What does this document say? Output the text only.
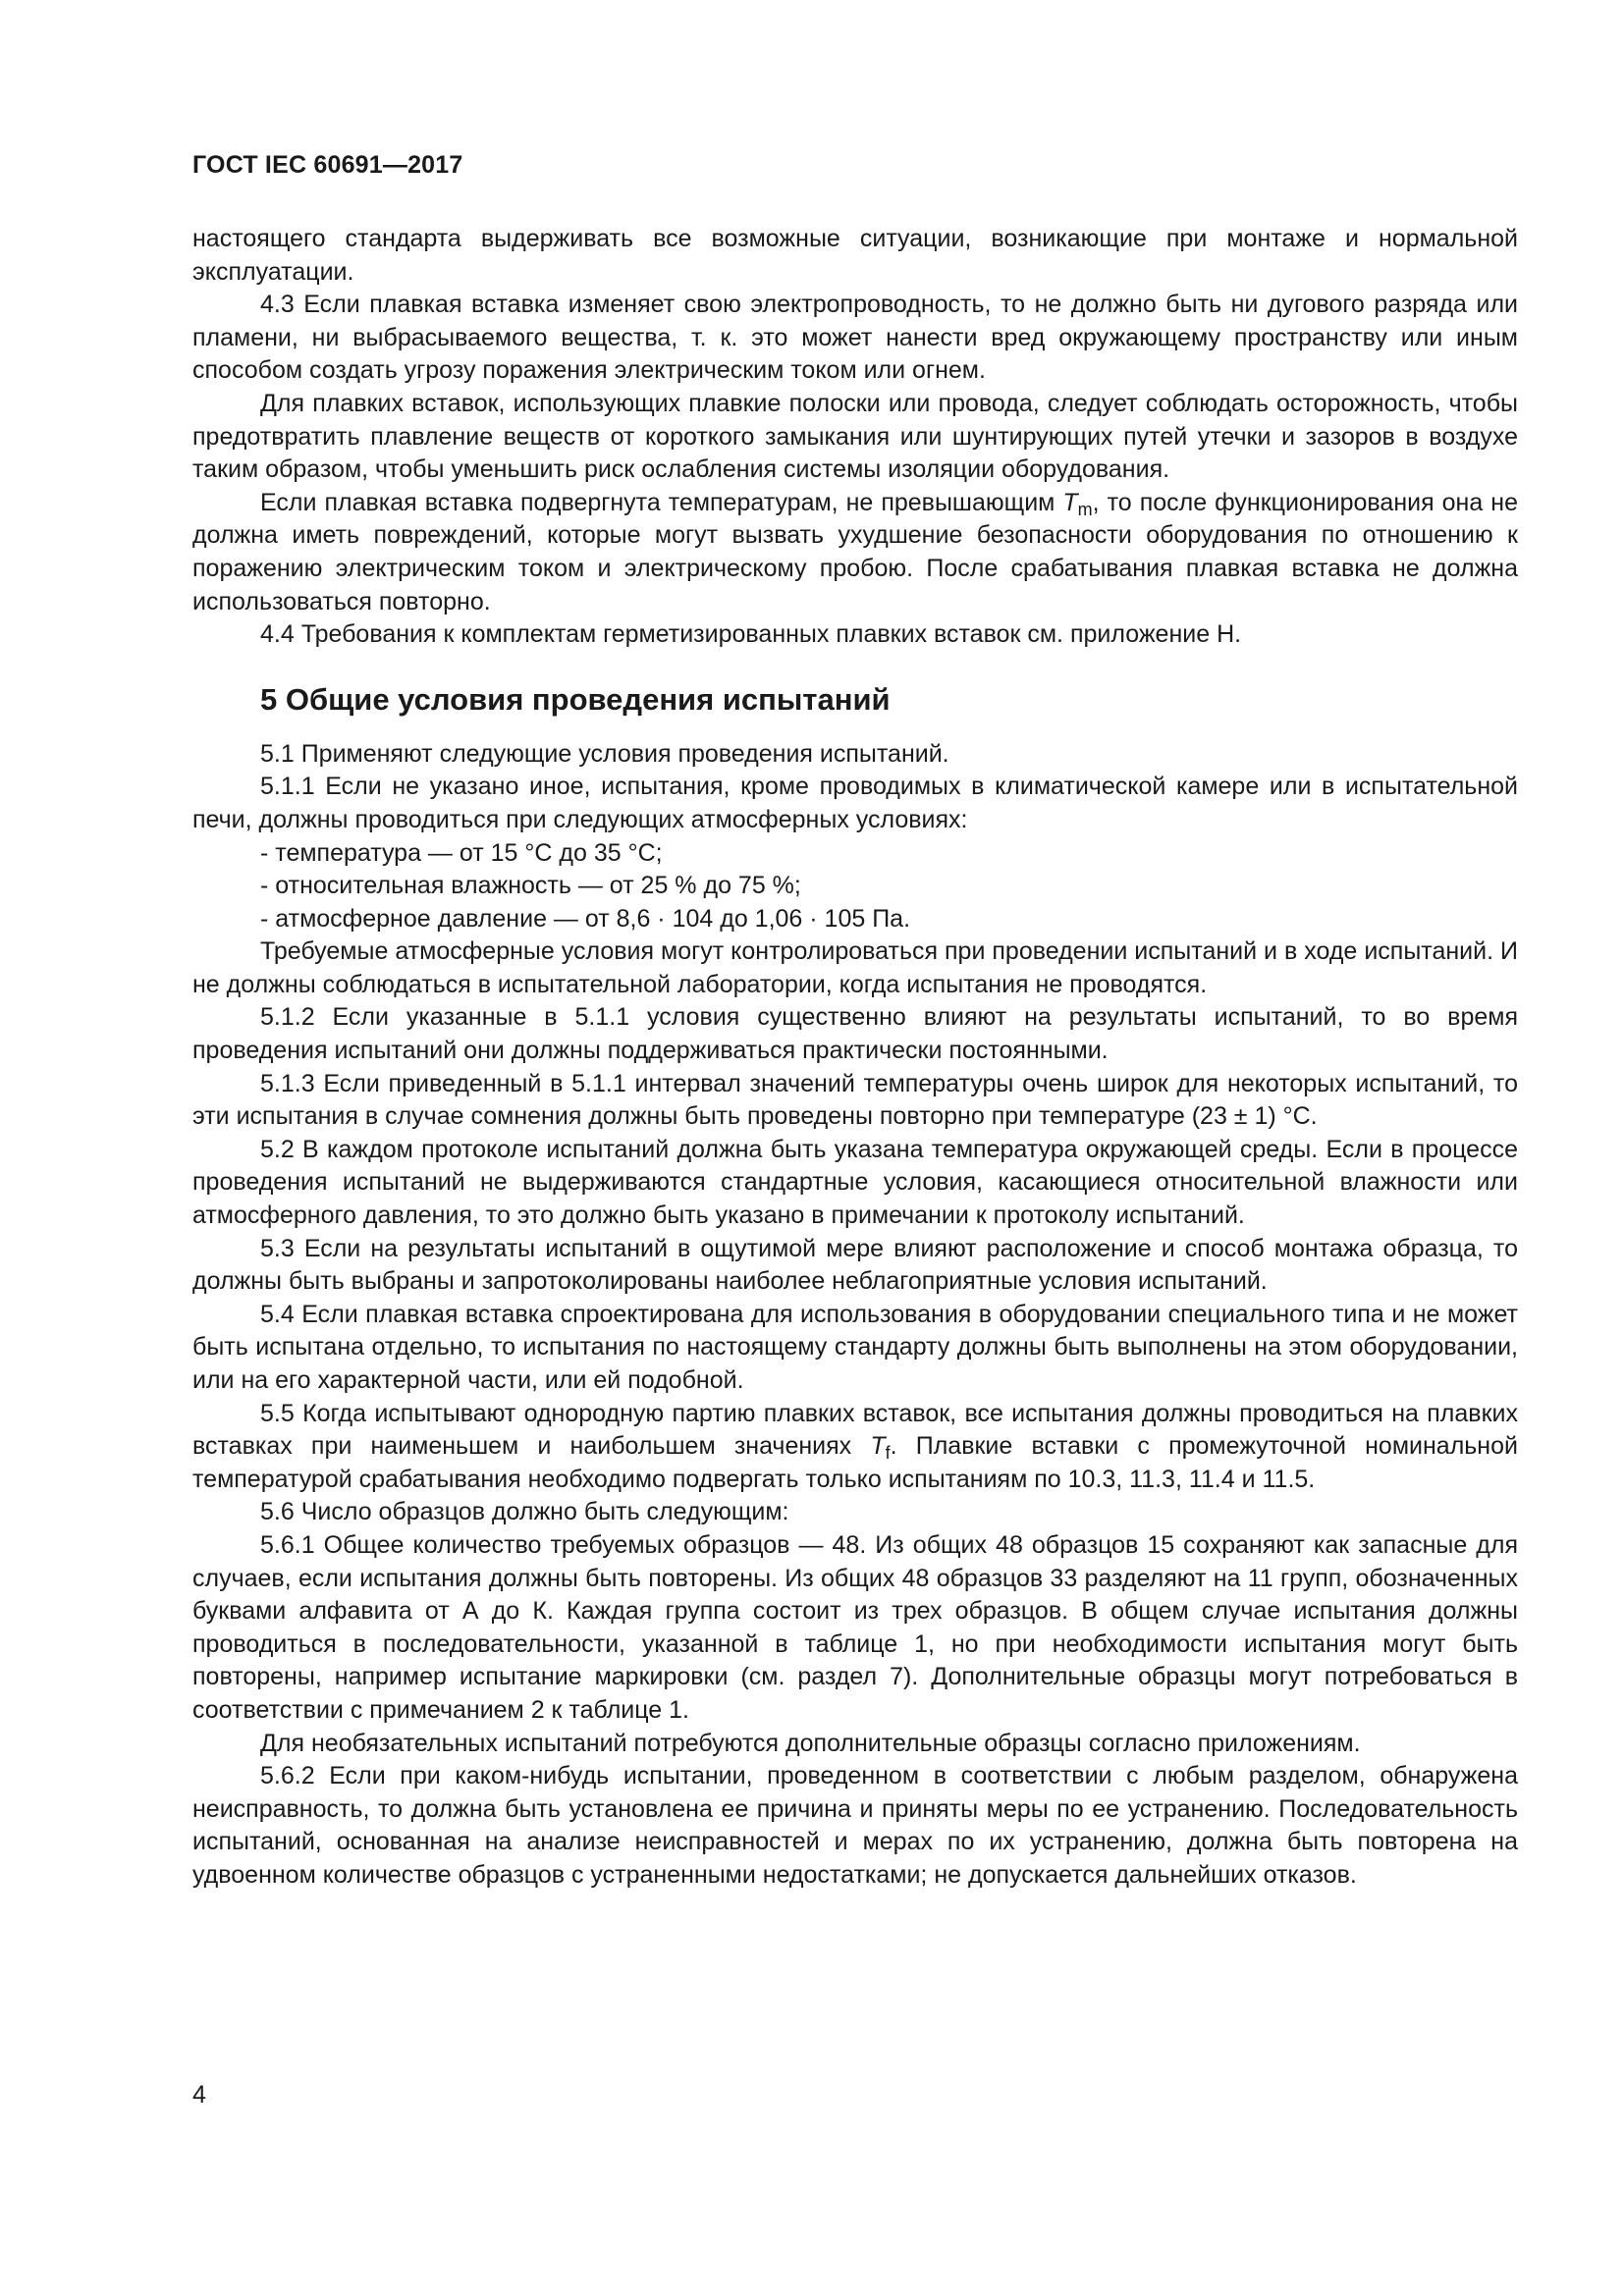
ГОСТ IEC 60691—2017

настоящего стандарта выдерживать все возможные ситуации, возникающие при монтаже и нормальной эксплуатации.

4.3 Если плавкая вставка изменяет свою электропроводность, то не должно быть ни дугового разряда или пламени, ни выбрасываемого вещества, т. к. это может нанести вред окружающему пространству или иным способом создать угрозу поражения электрическим током или огнем.

Для плавких вставок, использующих плавкие полоски или провода, следует соблюдать осторожность, чтобы предотвратить плавление веществ от короткого замыкания или шунтирующих путей утечки и зазоров в воздухе таким образом, чтобы уменьшить риск ослабления системы изоляции оборудования.

Если плавкая вставка подвергнута температурам, не превышающим $T_m$, то после функционирования она не должна иметь повреждений, которые могут вызвать ухудшение безопасности оборудования по отношению к поражению электрическим током и электрическому пробою. После срабатывания плавкая вставка не должна использоваться повторно.

4.4 Требования к комплектам герметизированных плавких вставок см. приложение Н.

5 Общие условия проведения испытаний

5.1 Применяют следующие условия проведения испытаний.

5.1.1 Если не указано иное, испытания, кроме проводимых в климатической камере или в испытательной печи, должны проводиться при следующих атмосферных условиях:

- температура — от 15 °С до 35 °С;

- относительная влажность — от 25 % до 75 %;

- атмосферное давление — от 8,6 · 104 до 1,06 · 105 Па.

Требуемые атмосферные условия могут контролироваться при проведении испытаний и в ходе испытаний. И не должны соблюдаться в испытательной лаборатории, когда испытания не проводятся.

5.1.2 Если указанные в 5.1.1 условия существенно влияют на результаты испытаний, то во время проведения испытаний они должны поддерживаться практически постоянными.

5.1.3 Если приведенный в 5.1.1 интервал значений температуры очень широк для некоторых испытаний, то эти испытания в случае сомнения должны быть проведены повторно при температуре (23 ± 1) °С.

5.2 В каждом протоколе испытаний должна быть указана температура окружающей среды. Если в процессе проведения испытаний не выдерживаются стандартные условия, касающиеся относительной влажности или атмосферного давления, то это должно быть указано в примечании к протоколу испытаний.

5.3 Если на результаты испытаний в ощутимой мере влияют расположение и способ монтажа образца, то должны быть выбраны и запротоколированы наиболее неблагоприятные условия испытаний.

5.4 Если плавкая вставка спроектирована для использования в оборудовании специального типа и не может быть испытана отдельно, то испытания по настоящему стандарту должны быть выполнены на этом оборудовании, или на его характерной части, или ей подобной.

5.5 Когда испытывают однородную партию плавких вставок, все испытания должны проводиться на плавких вставках при наименьшем и наибольшем значениях $T_f$. Плавкие вставки с промежуточной номинальной температурой срабатывания необходимо подвергать только испытаниям по 10.3, 11.3, 11.4 и 11.5.

5.6 Число образцов должно быть следующим:

5.6.1 Общее количество требуемых образцов — 48. Из общих 48 образцов 15 сохраняют как запасные для случаев, если испытания должны быть повторены. Из общих 48 образцов 33 разделяют на 11 групп, обозначенных буквами алфавита от А до К. Каждая группа состоит из трех образцов. В общем случае испытания должны проводиться в последовательности, указанной в таблице 1, но при необходимости испытания могут быть повторены, например испытание маркировки (см. раздел 7). Дополнительные образцы могут потребоваться в соответствии с примечанием 2 к таблице 1.

Для необязательных испытаний потребуются дополнительные образцы согласно приложениям.

5.6.2 Если при каком-нибудь испытании, проведенном в соответствии с любым разделом, обнаружена неисправность, то должна быть установлена ее причина и приняты меры по ее устранению. Последовательность испытаний, основанная на анализе неисправностей и мерах по их устранению, должна быть повторена на удвоенном количестве образцов с устраненными недостатками; не допускается дальнейших отказов.

4
